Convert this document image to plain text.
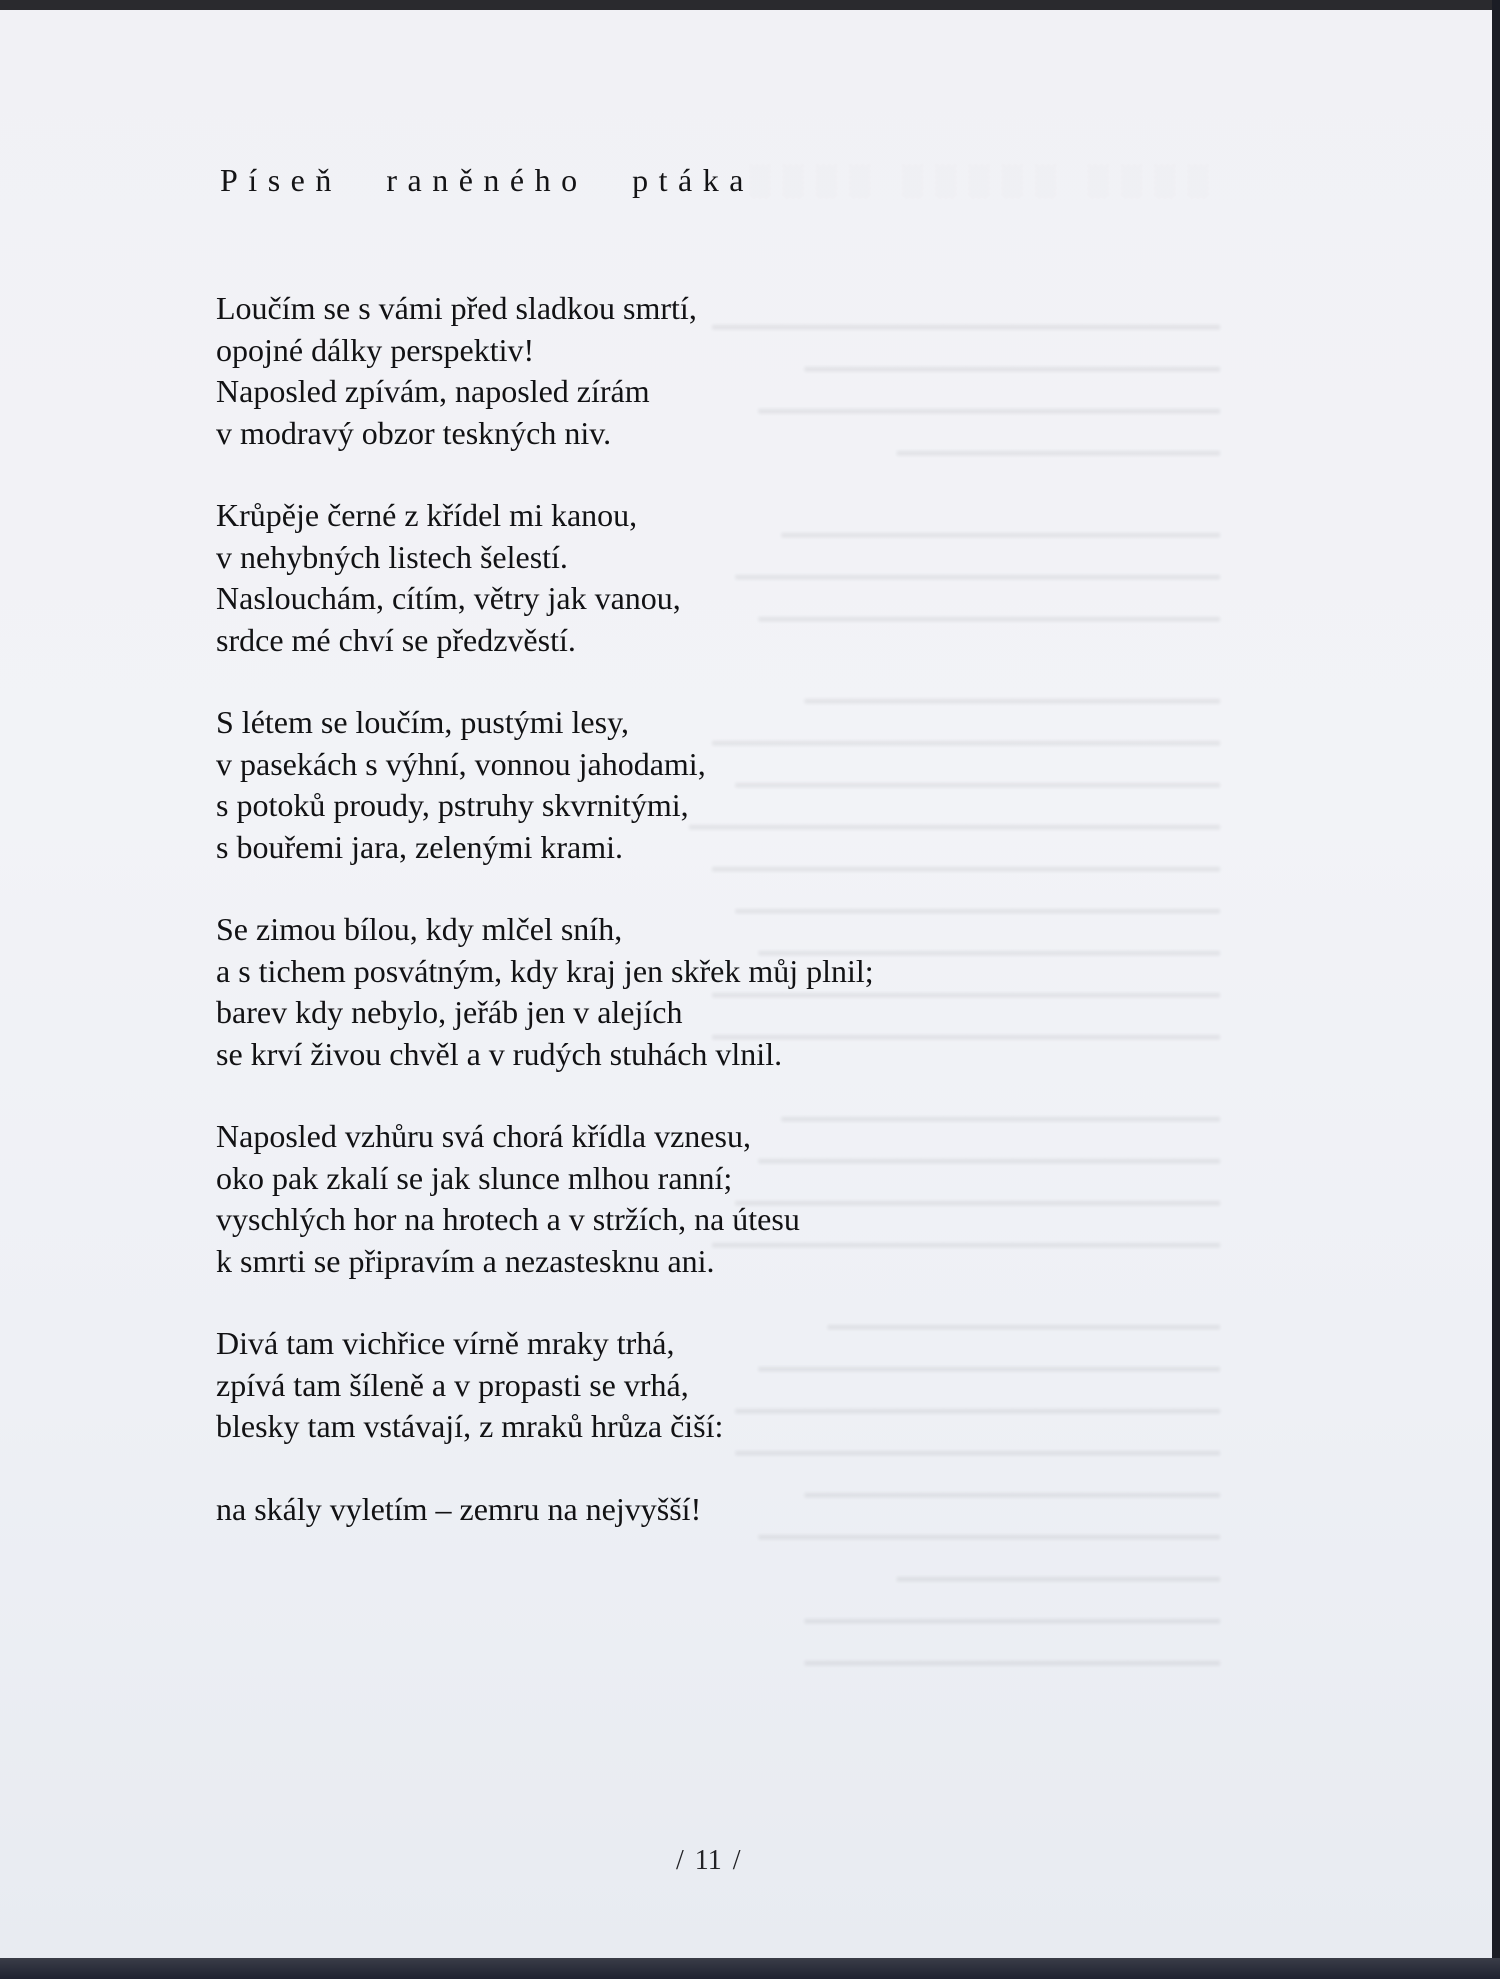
░░░░ ░░░░░ ░░░░
▁▁▁▁▁▁▁▁▁▁▁▁▁▁▁▁▁▁▁▁▁▁
▁▁▁▁▁▁▁▁▁▁▁▁▁▁▁▁▁▁
▁▁▁▁▁▁▁▁▁▁▁▁▁▁▁▁▁▁▁▁
▁▁▁▁▁▁▁▁▁▁▁▁▁▁
▁▁▁▁▁▁▁▁▁▁▁▁▁▁▁▁▁▁▁
▁▁▁▁▁▁▁▁▁▁▁▁▁▁▁▁▁▁▁▁▁
▁▁▁▁▁▁▁▁▁▁▁▁▁▁▁▁▁▁▁▁
▁▁▁▁▁▁▁▁▁▁▁▁▁▁▁▁▁▁
▁▁▁▁▁▁▁▁▁▁▁▁▁▁▁▁▁▁▁▁▁▁
▁▁▁▁▁▁▁▁▁▁▁▁▁▁▁▁▁▁▁▁▁
▁▁▁▁▁▁▁▁▁▁▁▁▁▁▁▁▁▁▁▁▁▁▁
▁▁▁▁▁▁▁▁▁▁▁▁▁▁▁▁▁▁▁▁▁▁
▁▁▁▁▁▁▁▁▁▁▁▁▁▁▁▁▁▁▁▁▁
▁▁▁▁▁▁▁▁▁▁▁▁▁▁▁▁▁▁▁▁
▁▁▁▁▁▁▁▁▁▁▁▁▁▁▁▁▁▁▁▁▁▁
▁▁▁▁▁▁▁▁▁▁▁▁▁▁▁▁▁▁▁▁▁▁
▁▁▁▁▁▁▁▁▁▁▁▁▁▁▁▁▁▁▁
▁▁▁▁▁▁▁▁▁▁▁▁▁▁▁▁▁▁▁▁
▁▁▁▁▁▁▁▁▁▁▁▁▁▁▁▁▁▁▁▁▁
▁▁▁▁▁▁▁▁▁▁▁▁▁▁▁▁▁▁▁▁▁▁
▁▁▁▁▁▁▁▁▁▁▁▁▁▁▁▁▁
▁▁▁▁▁▁▁▁▁▁▁▁▁▁▁▁▁▁▁▁
▁▁▁▁▁▁▁▁▁▁▁▁▁▁▁▁▁▁▁▁▁
▁▁▁▁▁▁▁▁▁▁▁▁▁▁▁▁▁▁▁▁▁
▁▁▁▁▁▁▁▁▁▁▁▁▁▁▁▁▁▁
▁▁▁▁▁▁▁▁▁▁▁▁▁▁▁▁▁▁▁▁
▁▁▁▁▁▁▁▁▁▁▁▁▁▁
▁▁▁▁▁▁▁▁▁▁▁▁▁▁▁▁▁▁
▁▁▁▁▁▁▁▁▁▁▁▁▁▁▁▁▁▁
Píseň raněného ptáka
Loučím se s vámi před sladkou smrtí,
opojné dálky perspektiv!
Naposled zpívám, naposled zírám
v modravý obzor teskných niv.
Krůpěje černé z křídel mi kanou,
v nehybných listech šelestí.
Naslouchám, cítím, větry jak vanou,
srdce mé chví se předzvěstí.
S létem se loučím, pustými lesy,
v pasekách s výhní, vonnou jahodami,
s potoků proudy, pstruhy skvrnitými,
s bouřemi jara, zelenými krami.
Se zimou bílou, kdy mlčel sníh,
a s tichem posvátným, kdy kraj jen skřek můj plnil;
barev kdy nebylo, jeřáb jen v alejích
se krví živou chvěl a v rudých stuhách vlnil.
Naposled vzhůru svá chorá křídla vznesu,
oko pak zkalí se jak slunce mlhou ranní;
vyschlých hor na hrotech a v stržích, na útesu
k smrti se připravím a nezastesknu ani.
Divá tam vichřice vírně mraky trhá,
zpívá tam šíleně a v propasti se vrhá,
blesky tam vstávají, z mraků hrůza čiší:
na skály vyletím – zemru na nejvyšší!
/ 11 /
